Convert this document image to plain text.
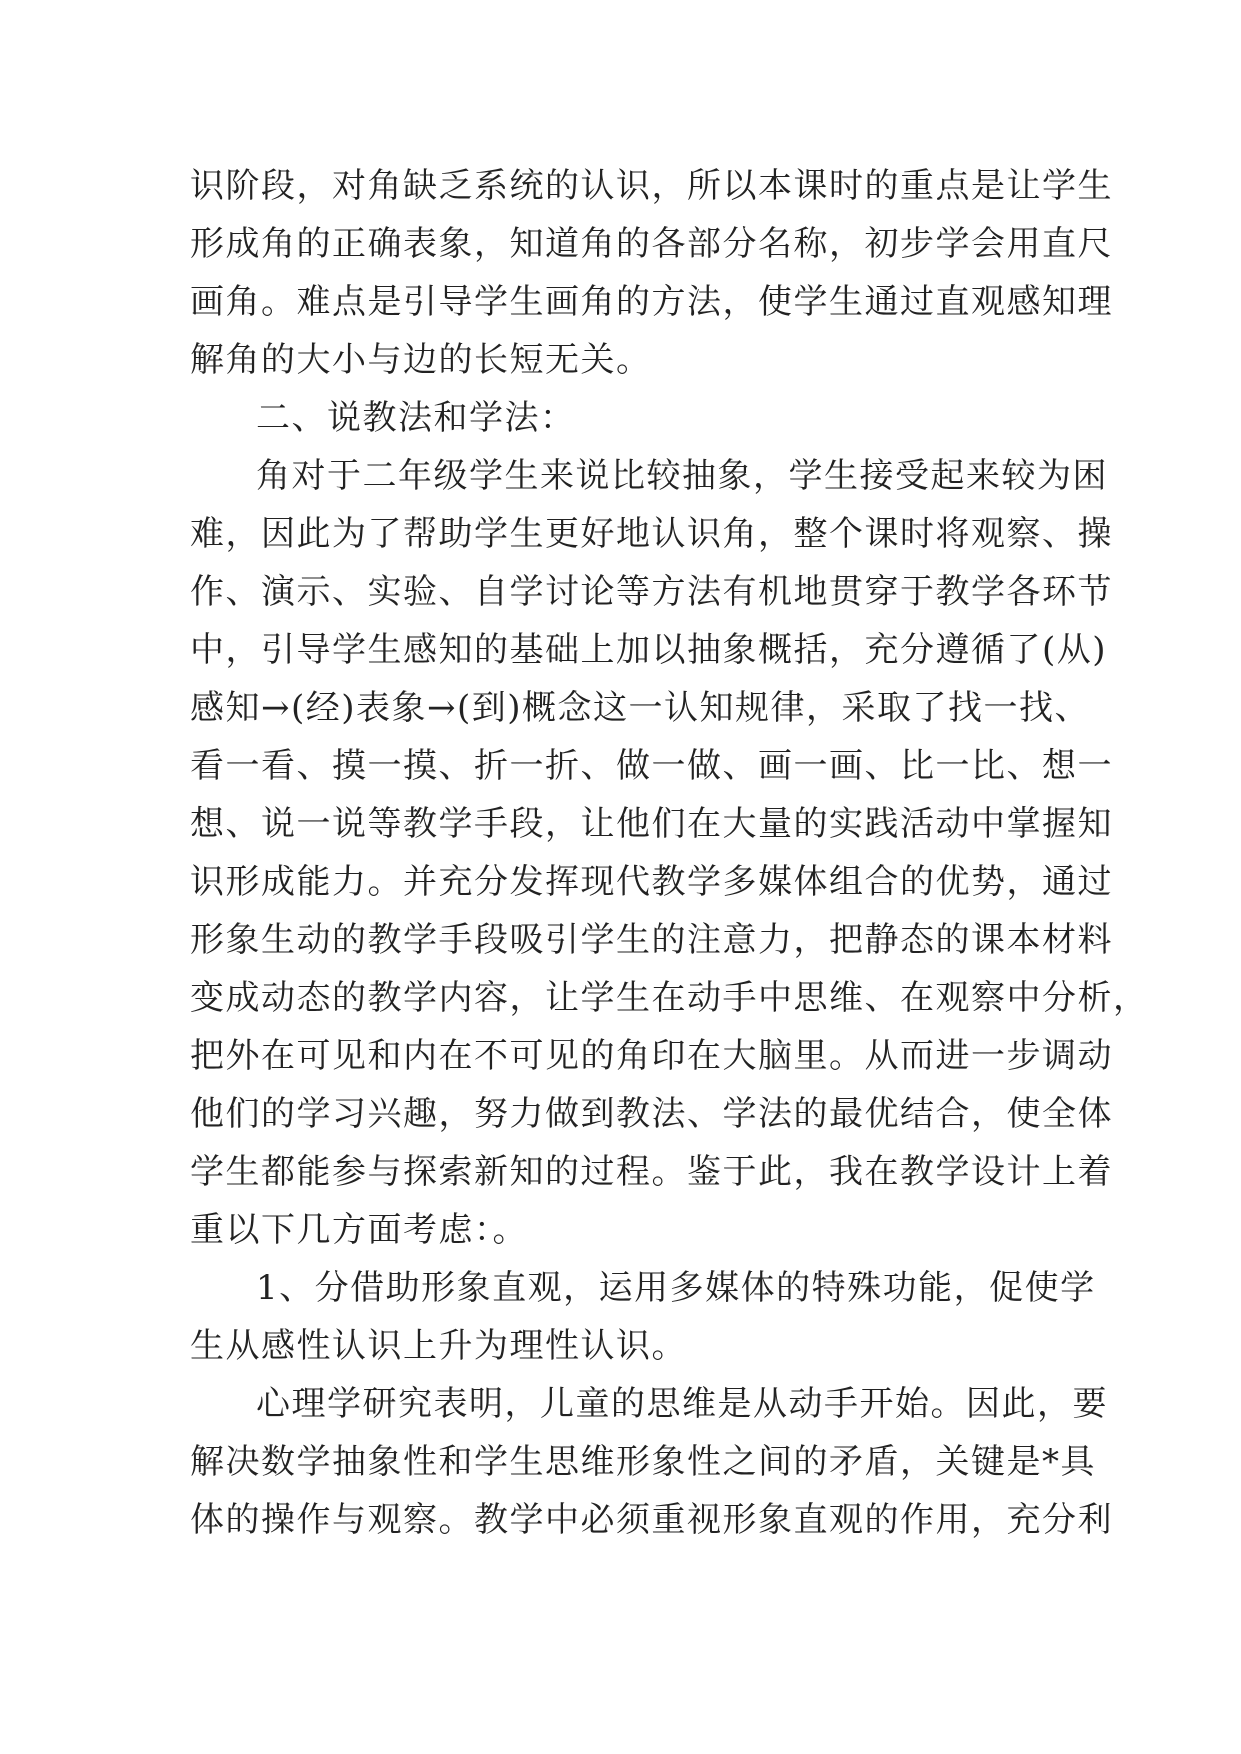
识阶段，对角缺乏系统的认识，所以本课时的重点是让学生
形成角的正确表象，知道角的各部分名称，初步学会用直尺
画角。难点是引导学生画角的方法，使学生通过直观感知理
解角的大小与边的长短无关。
二、说教法和学法：
角对于二年级学生来说比较抽象，学生接受起来较为困
难，因此为了帮助学生更好地认识角，整个课时将观察、操
作、演示、实验、自学讨论等方法有机地贯穿于教学各环节
中，引导学生感知的基础上加以抽象概括，充分遵循了(从)
感知→(经)表象→(到)概念这一认知规律，采取了找一找、
看一看、摸一摸、折一折、做一做、画一画、比一比、想一
想、说一说等教学手段，让他们在大量的实践活动中掌握知
识形成能力。并充分发挥现代教学多媒体组合的优势，通过
形象生动的教学手段吸引学生的注意力，把静态的课本材料
变成动态的教学内容，让学生在动手中思维、在观察中分析，
把外在可见和内在不可见的角印在大脑里。从而进一步调动
他们的学习兴趣，努力做到教法、学法的最优结合，使全体
学生都能参与探索新知的过程。鉴于此，我在教学设计上着
重以下几方面考虑：。
1、分借助形象直观，运用多媒体的特殊功能，促使学
生从感性认识上升为理性认识。
心理学研究表明，儿童的思维是从动手开始。因此，要
解决数学抽象性和学生思维形象性之间的矛盾，关键是*具
体的操作与观察。教学中必须重视形象直观的作用，充分利
